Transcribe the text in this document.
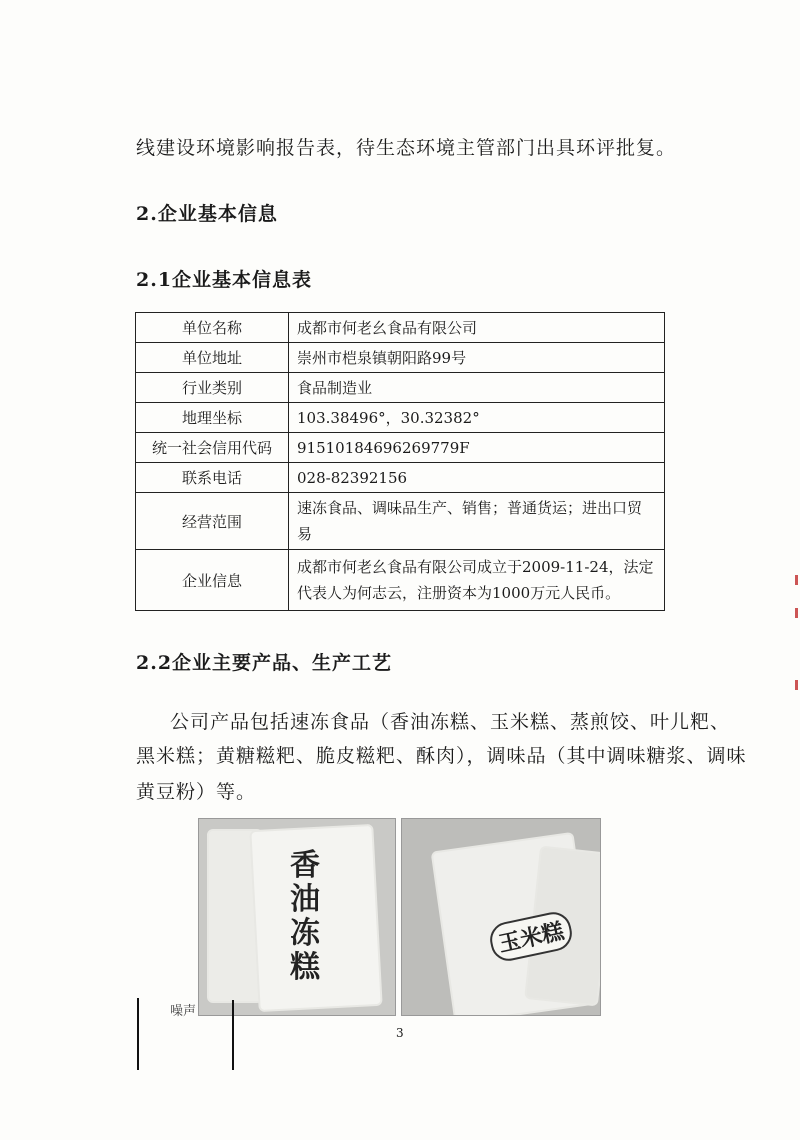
线建设环境影响报告表，待生态环境主管部门出具环评批复。
2.企业基本信息
2.1企业基本信息表
单位名称	成都市何老幺食品有限公司
单位地址	崇州市桤泉镇朝阳路99号
行业类别	食品制造业
地理坐标	103.38496°，30.32382°
统一社会信用代码	91510184696269779F
联系电话	028-82392156
经营范围	速冻食品、调味品生产、销售；普通货运；进出口贸
易

企业信息	成都市何老幺食品有限公司成立于2009-11-24，法定
代表人为何志云，注册资本为1000万元人民币。
2.2企业主要产品、生产工艺
公司产品包括速冻食品（香油冻糕、玉米糕、蒸煎饺、叶儿粑、
黑米糕；黄糖糍粑、脆皮糍粑、酥肉），调味品（其中调味糖浆、调味
黄豆粉）等。
香油冻糕
玉米糕
噪声
3
